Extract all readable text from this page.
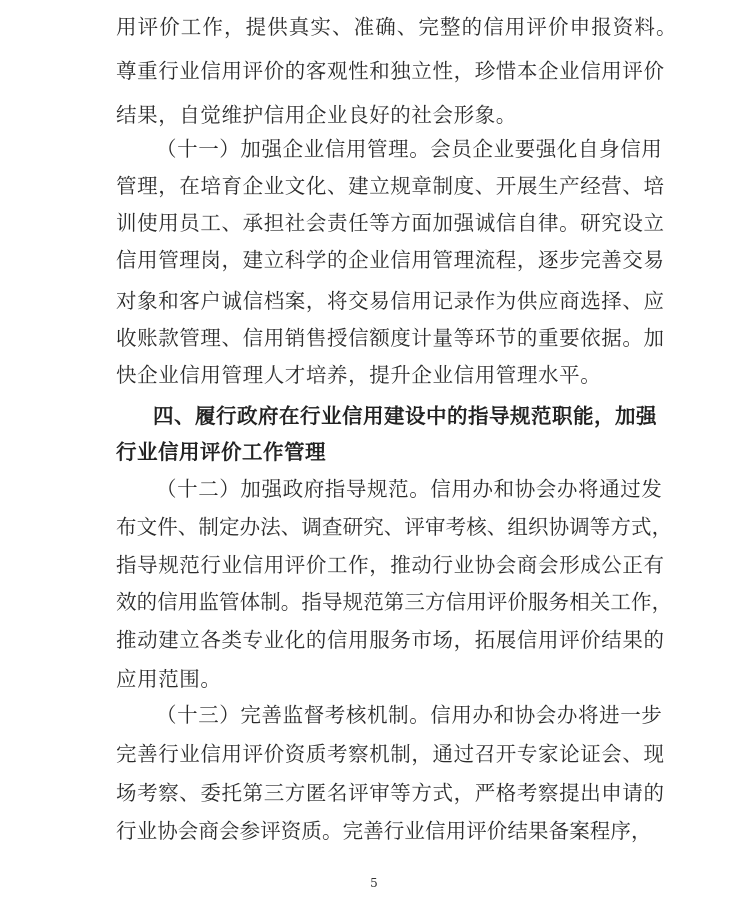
用评价工作，提供真实、准确、完整的信用评价申报资料。
尊重行业信用评价的客观性和独立性，珍惜本企业信用评价
结果，自觉维护信用企业良好的社会形象。
（十一）加强企业信用管理。会员企业要强化自身信用
管理，在培育企业文化、建立规章制度、开展生产经营、培
训使用员工、承担社会责任等方面加强诚信自律。研究设立
信用管理岗，建立科学的企业信用管理流程，逐步完善交易
对象和客户诚信档案，将交易信用记录作为供应商选择、应
收账款管理、信用销售授信额度计量等环节的重要依据。加
快企业信用管理人才培养，提升企业信用管理水平。
四、履行政府在行业信用建设中的指导规范职能，加强
行业信用评价工作管理
（十二）加强政府指导规范。信用办和协会办将通过发
布文件、制定办法、调查研究、评审考核、组织协调等方式，
指导规范行业信用评价工作，推动行业协会商会形成公正有
效的信用监管体制。指导规范第三方信用评价服务相关工作，
推动建立各类专业化的信用服务市场，拓展信用评价结果的
应用范围。
（十三）完善监督考核机制。信用办和协会办将进一步
完善行业信用评价资质考察机制，通过召开专家论证会、现
场考察、委托第三方匿名评审等方式，严格考察提出申请的
行业协会商会参评资质。完善行业信用评价结果备案程序，
5
